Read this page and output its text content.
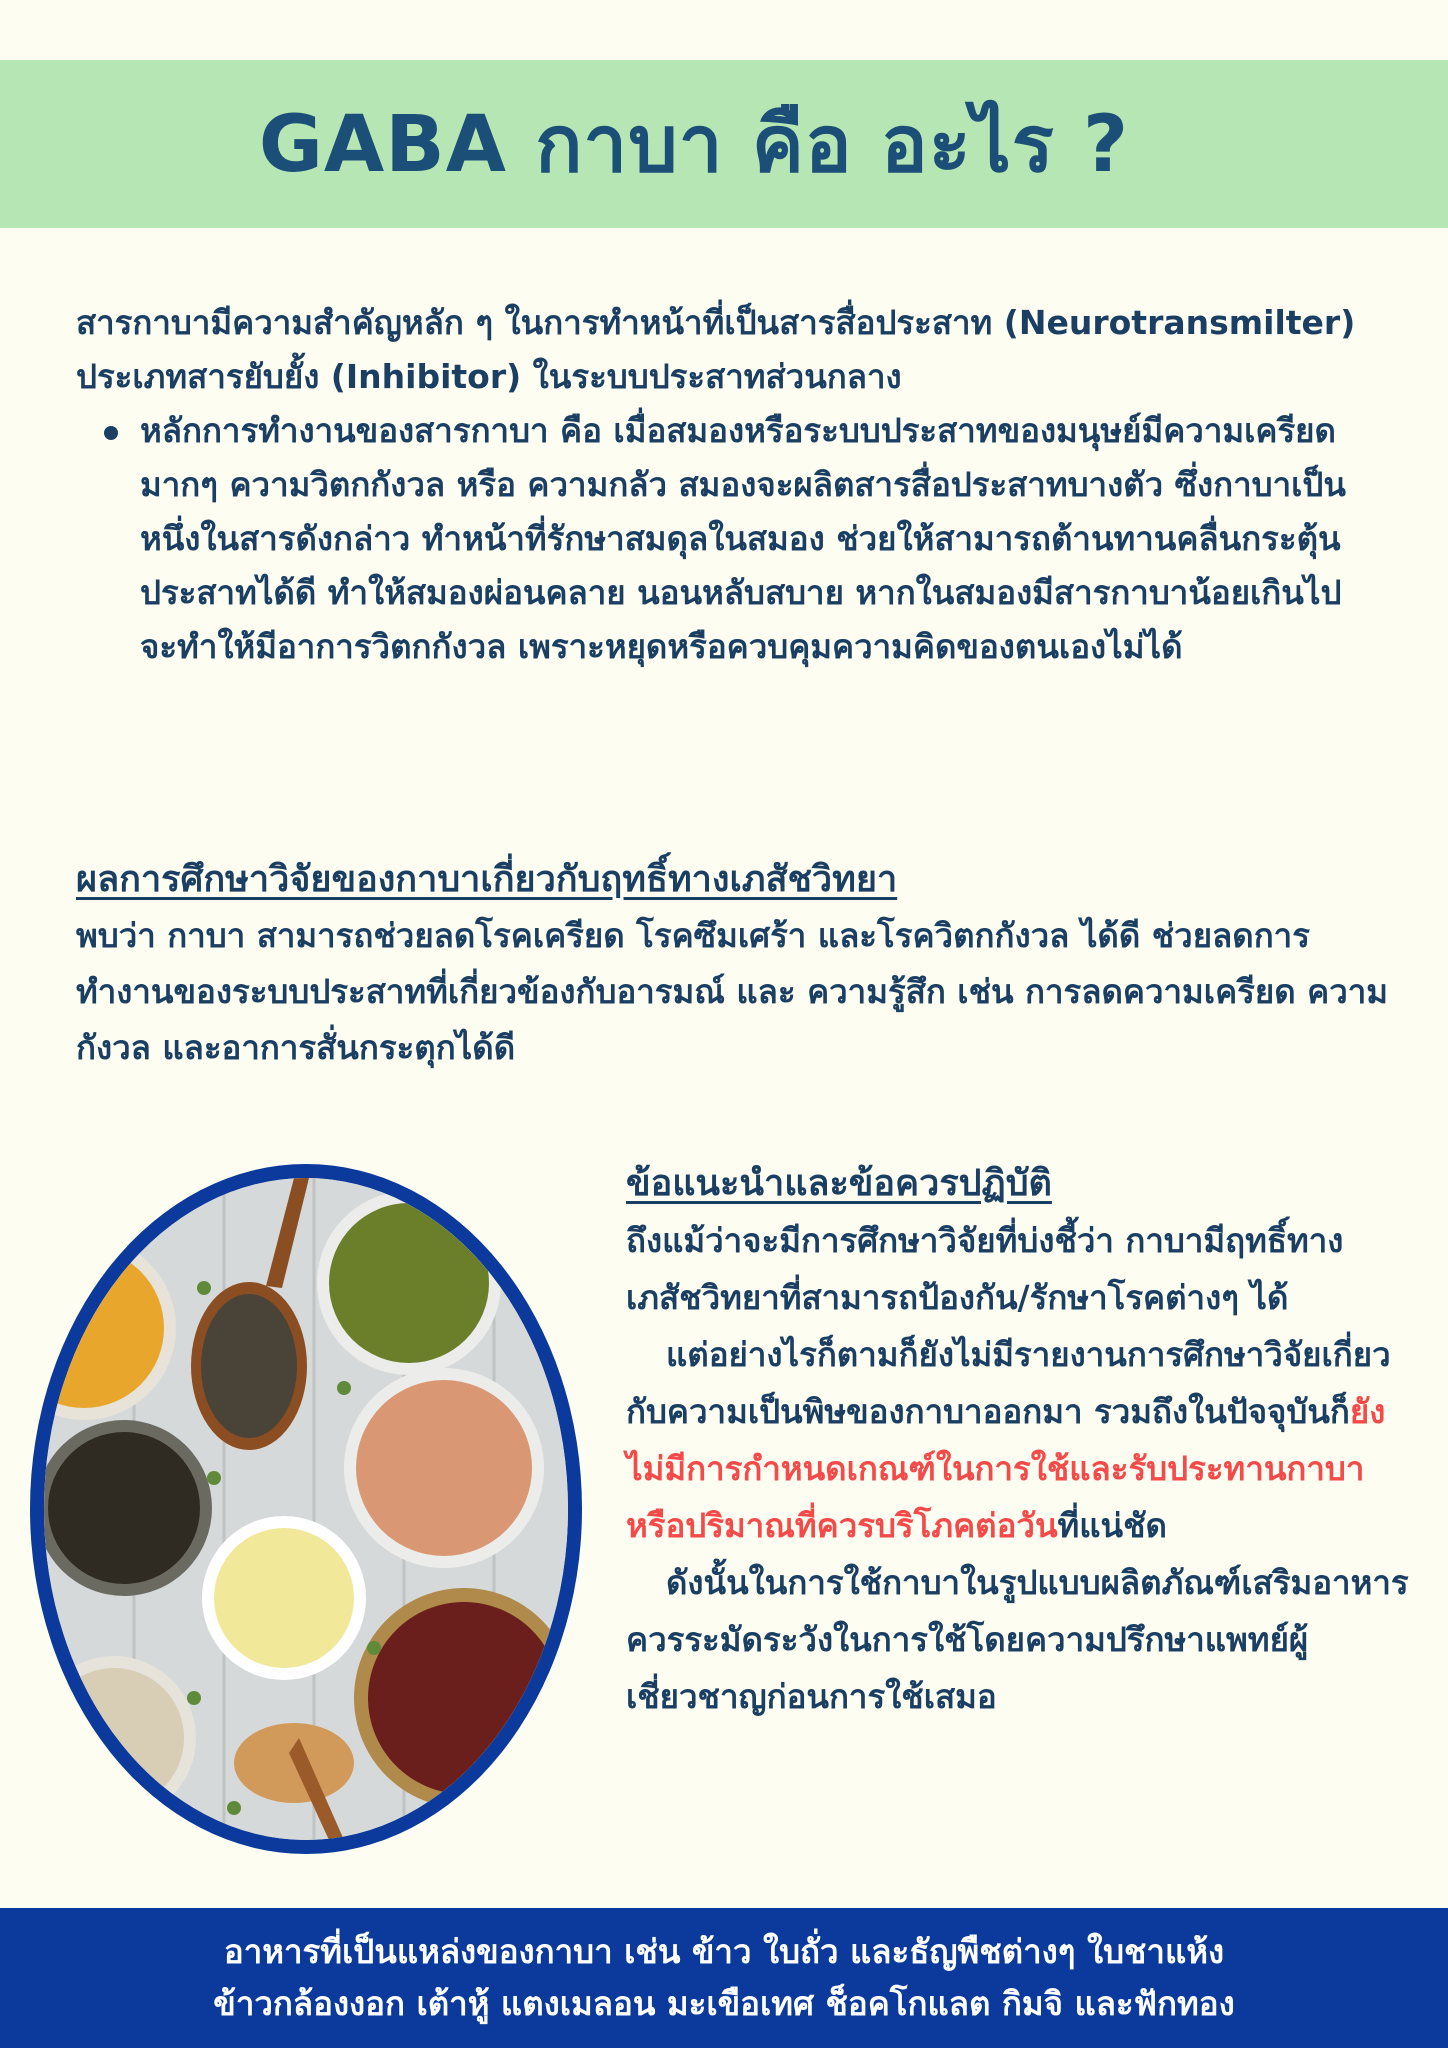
GABA กาบา คือ อะไร ?

สารกาบามีความสำคัญหลัก ๆ ในการทำหน้าที่เป็นสารสื่อประสาท (Neurotransmilter) ประเภทสารยับยั้ง (Inhibitor) ในระบบประสาทส่วนกลาง

หลักการทำงานของสารกาบา คือ เมื่อสมองหรือระบบประสาทของมนุษย์มีความเครียดมากๆ ความวิตกกังวล หรือ ความกลัว สมองจะผลิตสารสื่อประสาทบางตัว ซึ่งกาบาเป็นหนึ่งในสารดังกล่าว ทำหน้าที่รักษาสมดุลในสมอง ช่วยให้สามารถต้านทานคลื่นกระตุ้นประสาทได้ดี ทำให้สมองผ่อนคลาย นอนหลับสบาย หากในสมองมีสารกาบาน้อยเกินไป จะทำให้มีอาการวิตกกังวล เพราะหยุดหรือควบคุมความคิดของตนเองไม่ได้
ผลการศึกษาวิจัยของกาบาเกี่ยวกับฤทธิ์ทางเภสัชวิทยา

พบว่า กาบา สามารถช่วยลดโรคเครียด โรคซึมเศร้า และโรควิตกกังวล ได้ดี ช่วยลดการทำงานของระบบประสาทที่เกี่ยวข้องกับอารมณ์ และ ความรู้สึก เช่น การลดความเครียด ความกังวล และอาการสั่นกระตุกได้ดี

ข้อแนะนำและข้อควรปฏิบัติ

ถึงแม้ว่าจะมีการศึกษาวิจัยที่บ่งชี้ว่า กาบามีฤทธิ์ทางเภสัชวิทยาที่สามารถป้องกัน/รักษาโรคต่างๆ ได้

แต่อย่างไรก็ตามก็ยังไม่มีรายงานการศึกษาวิจัยเกี่ยวกับความเป็นพิษของกาบาออกมา รวมถึงในปัจจุบันก็ยังไม่มีการกำหนดเกณฑ์ในการใช้และรับประทานกาบา หรือปริมาณที่ควรบริโภคต่อวันที่แน่ชัด

ดังนั้นในการใช้กาบาในรูปแบบผลิตภัณฑ์เสริมอาหารควรระมัดระวังในการใช้โดยความปรึกษาแพทย์ผู้เชี่ยวชาญก่อนการใช้เสมอ

อาหารที่เป็นแหล่งของกาบา เช่น ข้าว ใบถั่ว และธัญพืชต่างๆ ใบชาแห้ง
ข้าวกล้องงอก เต้าหู้ แตงเมลอน มะเขือเทศ ช็อคโกแลต กิมจิ และฟักทอง
